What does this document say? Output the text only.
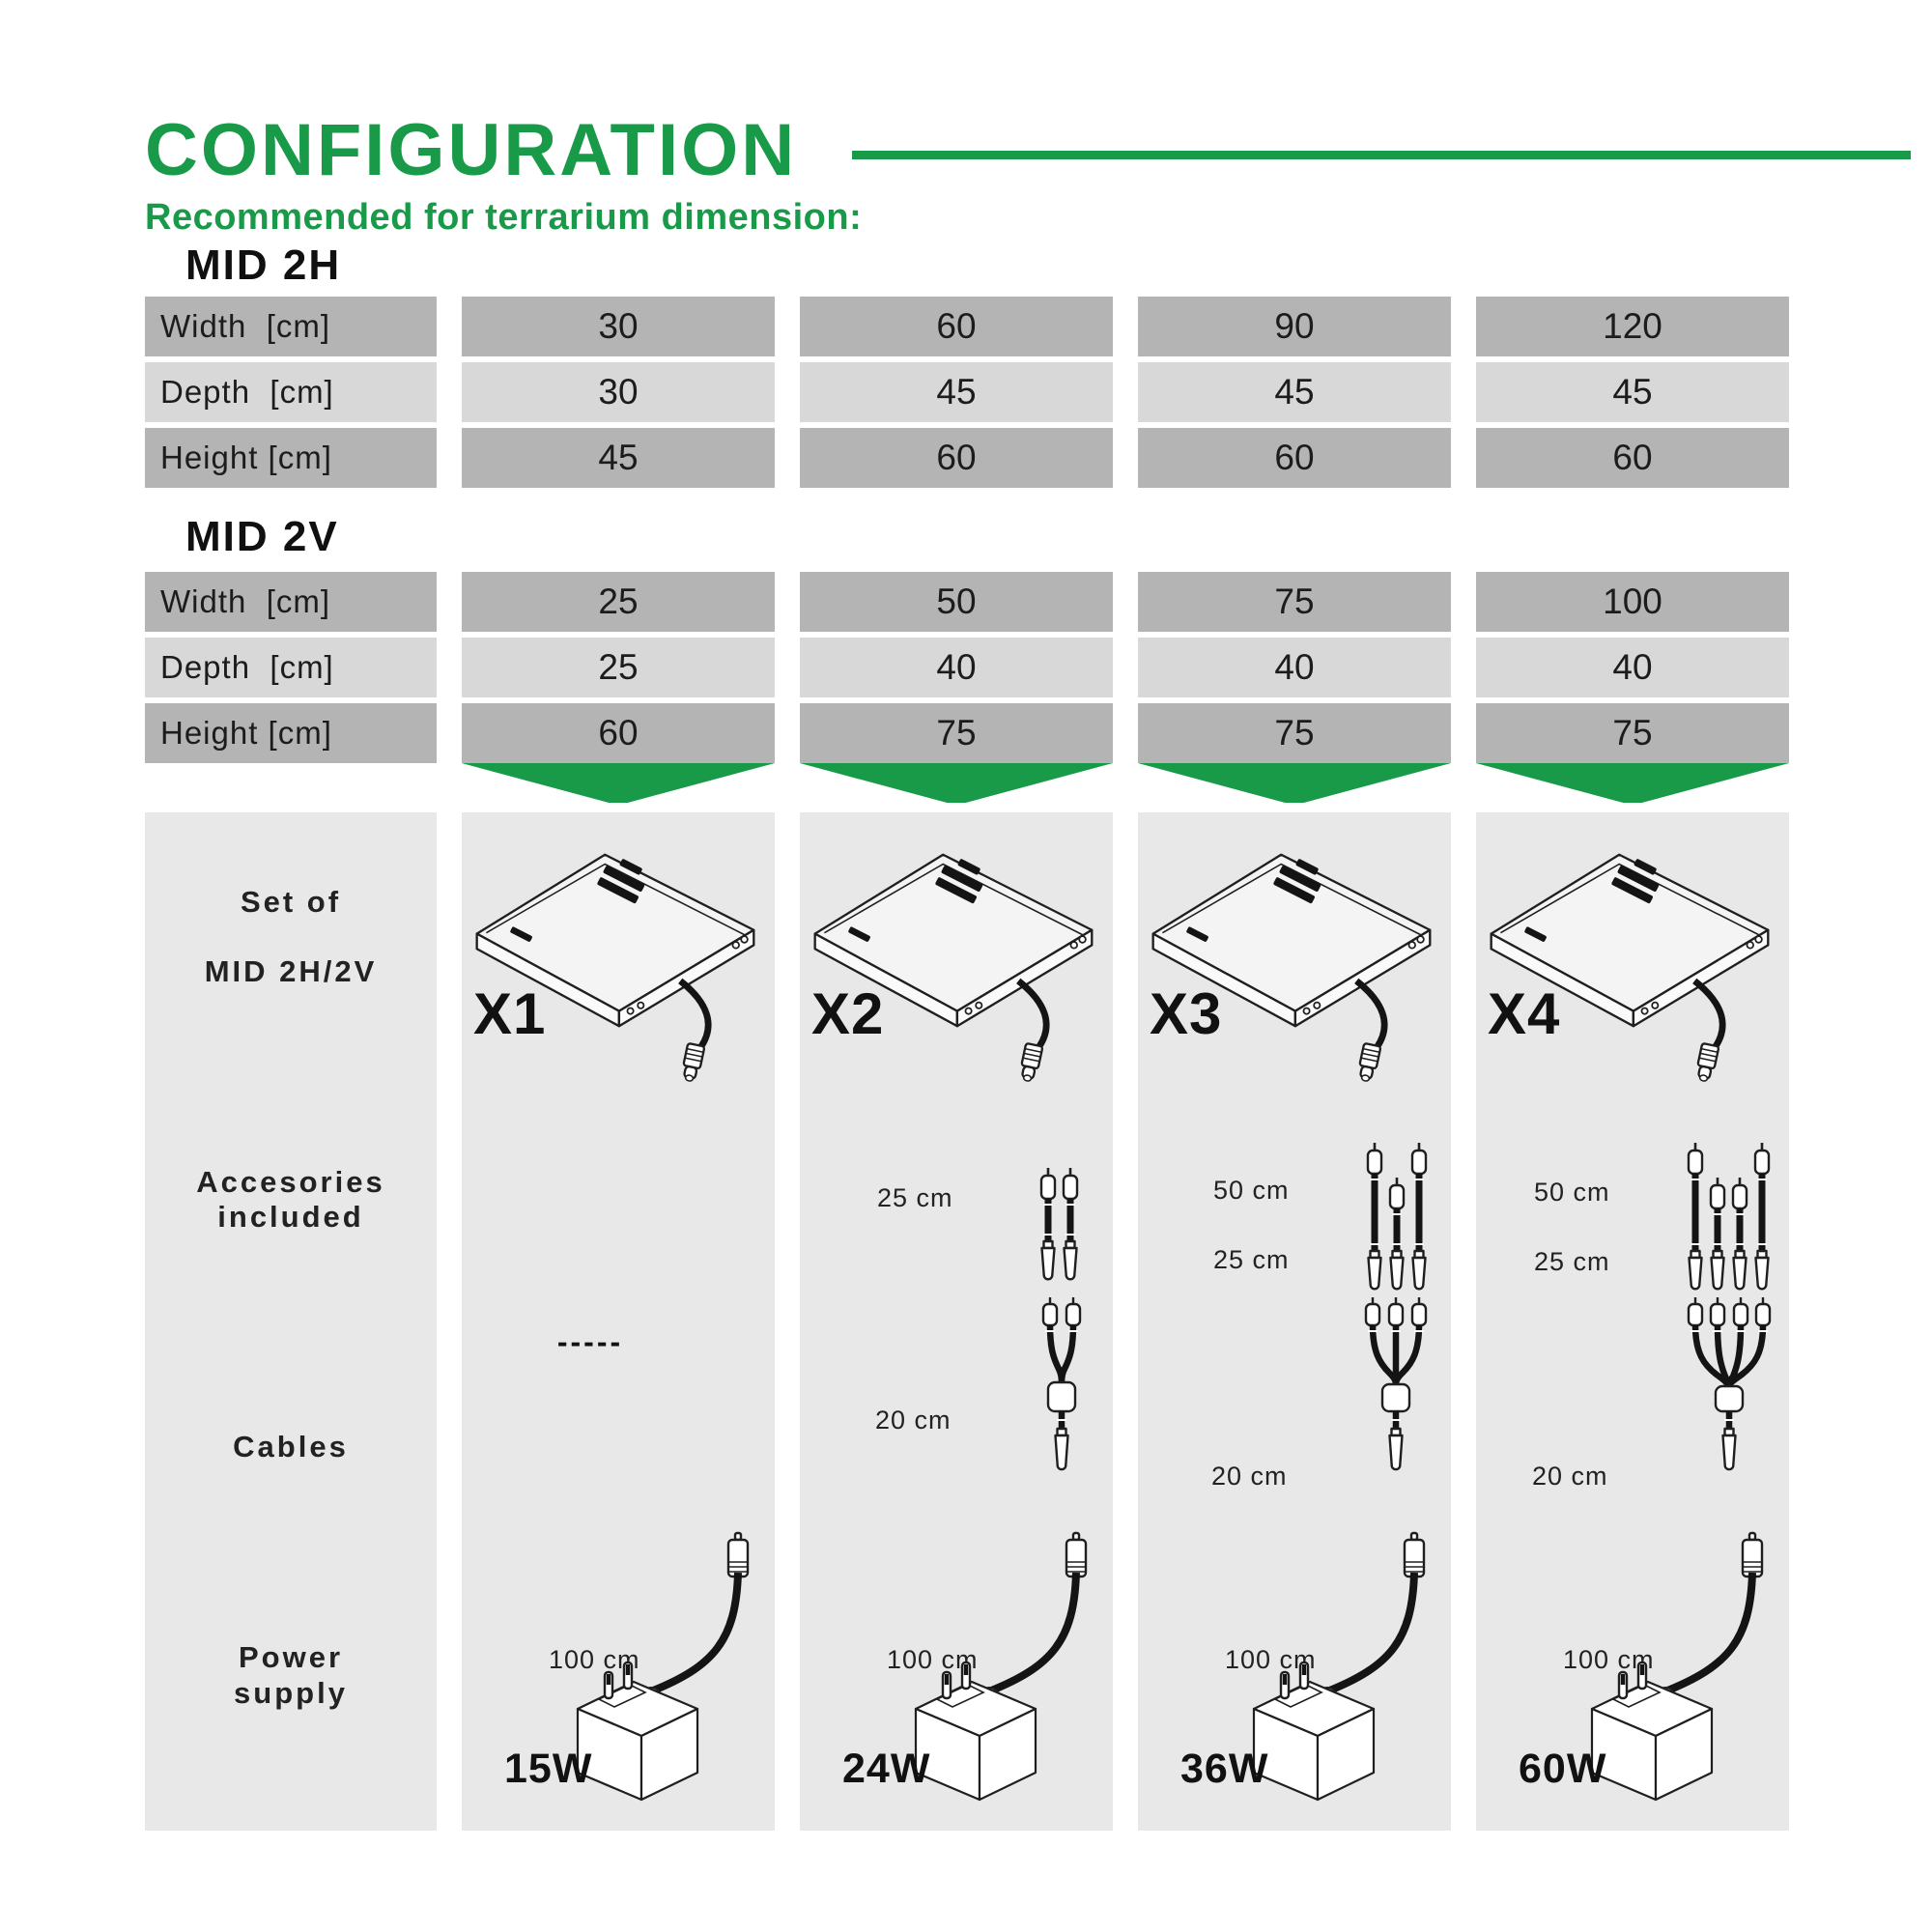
CONFIGURATION
Recommended for terrarium dimension:
MID 2H
Width  [cm]	30	60	90	120
Depth  [cm]	30	45	45	45
Height [cm]	45	60	60	60
MID 2V
Width  [cm]	25	50	75	100
Depth  [cm]	25	40	40	40
Height [cm]	60	75	75	75
Set of
MID 2H/2V
Accesories
included
Cables
Power
supply
X1
-----
100 cm
15W
X2
25 cm
20 cm
100 cm
24W
X3
50 cm
25 cm
20 cm
100 cm
36W
X4
50 cm
25 cm
20 cm
100 cm
60W
